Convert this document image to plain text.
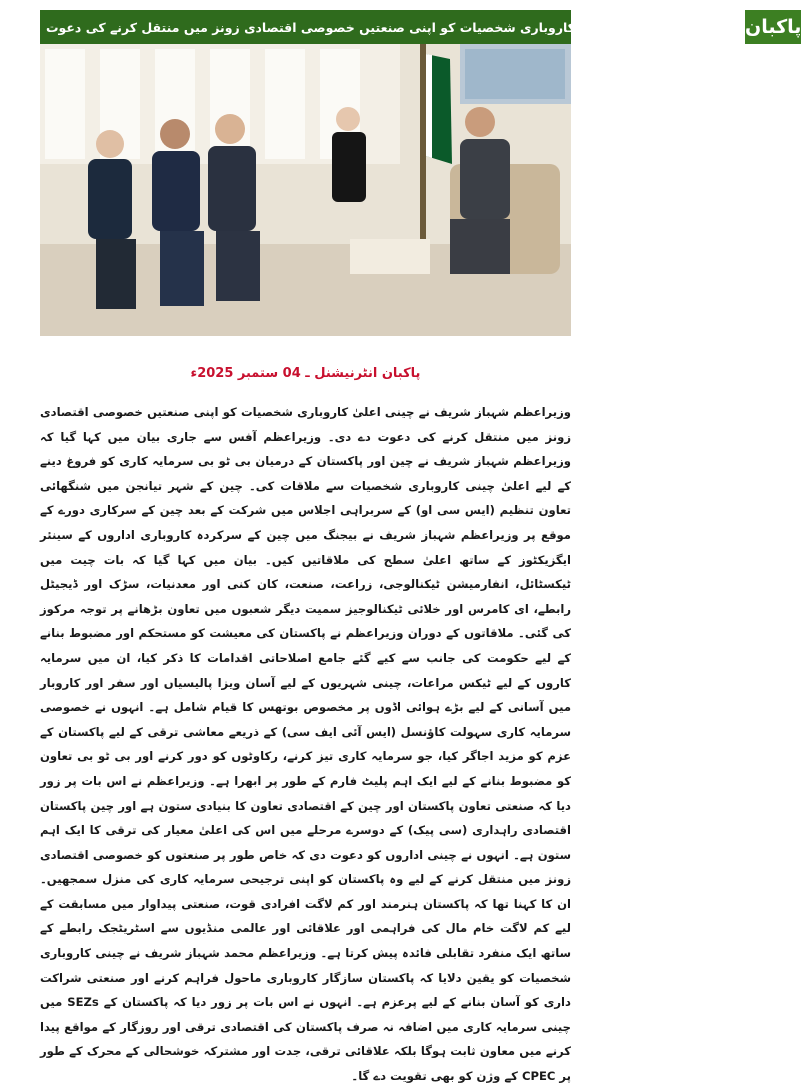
وزیراعظم کی چینی اعلیٰ کاروباری شخصیات کو اپنی صنعتیں خصوصی اقتصادی زونز میں منتقل کرنے کی دعوت پاکبان
پاکبان انٹرنیشنل ـ 04 ستمبر 2025ء
وزیراعظم شہباز شریف نے چینی اعلیٰ کاروباری شخصیات کو اپنی صنعتیں خصوصی اقتصادی زونز میں منتقل کرنے کی دعوت دے دی۔ وزیراعظم آفس سے جاری بیان میں کہا گیا کہ وزیراعظم شہباز شریف نے چین اور پاکستان کے درمیان بی ٹو بی سرمایہ کاری کو فروغ دینے کے لیے اعلیٰ چینی کاروباری شخصیات سے ملاقات کی۔ چین کے شہر تیانجن میں شنگھائی تعاون تنظیم (ایس سی او) کے سربراہی اجلاس میں شرکت کے بعد چین کے سرکاری دورے کے موقع پر وزیراعظم شہباز شریف نے بیجنگ میں چین کے سرکردہ کاروباری اداروں کے سینئر ایگزیکٹوز کے ساتھ اعلیٰ سطح کی ملاقاتیں کیں۔ بیان میں کہا گیا کہ بات چیت میں ٹیکسٹائل، انفارمیشن ٹیکنالوجی، زراعت، صنعت، کان کنی اور معدنیات، سڑک اور ڈیجیٹل رابطے، ای کامرس اور خلائی ٹیکنالوجیز سمیت دیگر شعبوں میں تعاون بڑھانے پر توجہ مرکوز کی گئی۔ ملاقاتوں کے دوران وزیراعظم نے پاکستان کی معیشت کو مستحکم اور مضبوط بنانے کے لیے حکومت کی جانب سے کیے گئے جامع اصلاحاتی اقدامات کا ذکر کیا، ان میں سرمایہ کاروں کے لیے ٹیکس مراعات، چینی شہریوں کے لیے آسان ویزا پالیسیاں اور سفر اور کاروبار میں آسانی کے لیے بڑے ہوائی اڈوں پر مخصوص بوتھس کا قیام شامل ہے۔ انہوں نے خصوصی سرمایہ کاری سہولت کاؤنسل (ایس آئی ایف سی) کے ذریعے معاشی ترقی کے لیے پاکستان کے عزم کو مزید اجاگر کیا، جو سرمایہ کاری تیز کرنے، رکاوٹوں کو دور کرنے اور بی ٹو بی تعاون کو مضبوط بنانے کے لیے ایک اہم پلیٹ فارم کے طور پر ابھرا ہے۔ وزیراعظم نے اس بات پر زور دیا کہ صنعتی تعاون پاکستان اور چین کے اقتصادی تعاون کا بنیادی ستون ہے اور چین پاکستان اقتصادی راہداری (سی پیک) کے دوسرے مرحلے میں اس کی اعلیٰ معیار کی ترقی کا ایک اہم ستون ہے۔ انہوں نے چینی اداروں کو دعوت دی کہ خاص طور پر صنعتوں کو خصوصی اقتصادی زونز میں منتقل کرنے کے لیے وہ پاکستان کو اپنی ترجیحی سرمایہ کاری کی منزل سمجھیں۔ ان کا کہنا تھا کہ پاکستان ہنرمند اور کم لاگت افرادی قوت، صنعتی پیداوار میں مسابقت کے لیے کم لاگت خام مال کی فراہمی اور علاقائی اور عالمی منڈیوں سے اسٹریٹجک رابطے کے ساتھ ایک منفرد تقابلی فائدہ پیش کرتا ہے۔ وزیراعظم محمد شہباز شریف نے چینی کاروباری شخصیات کو یقین دلایا کہ پاکستان سازگار کاروباری ماحول فراہم کرنے اور صنعتی شراکت داری کو آسان بنانے کے لیے پرعزم ہے۔ انہوں نے اس بات پر زور دیا کہ پاکستان کے SEZs میں چینی سرمایہ کاری میں اضافہ نہ صرف پاکستان کی اقتصادی ترقی اور روزگار کے مواقع پیدا کرنے میں معاون ثابت ہوگا بلکہ علاقائی ترقی، جدت اور مشترکہ خوشحالی کے محرک کے طور پر CPEC کے وژن کو بھی تقویت دے گا۔
